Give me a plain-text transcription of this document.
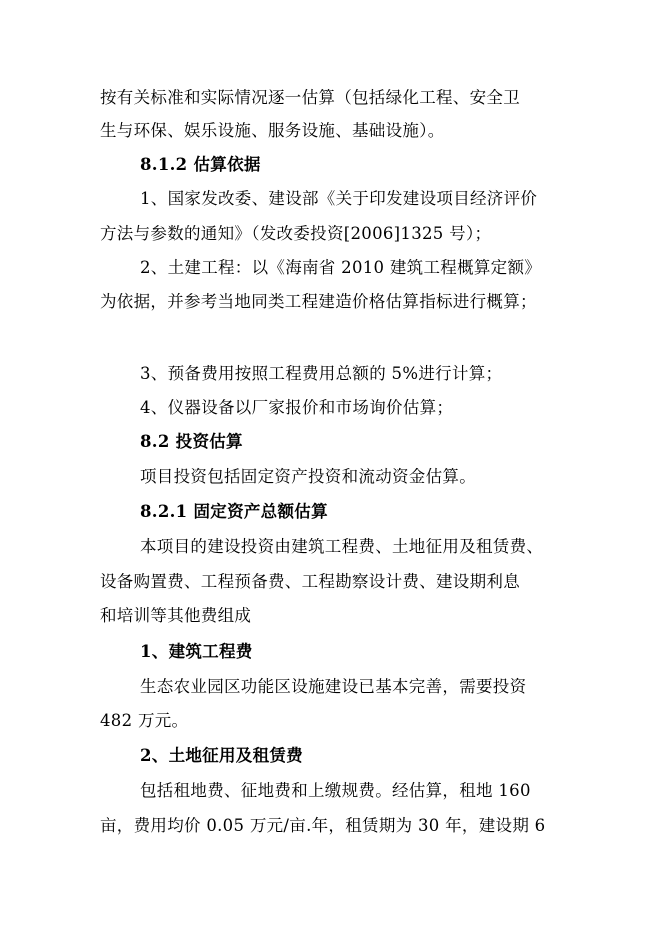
按有关标准和实际情况逐一估算（包括绿化工程、安全卫
生与环保、娱乐设施、服务设施、基础设施）。
8.1.2 估算依据
1、国家发改委、建设部《关于印发建设项目经济评价
方法与参数的通知》（发改委投资[2006]1325 号）；
2、土建工程：以《海南省 2010 建筑工程概算定额》
为依据，并参考当地同类工程建造价格估算指标进行概算；
3、预备费用按照工程费用总额的 5%进行计算；
4、仪器设备以厂家报价和市场询价估算；
8.2 投资估算
项目投资包括固定资产投资和流动资金估算。
8.2.1 固定资产总额估算
本项目的建设投资由建筑工程费、土地征用及租赁费、
设备购置费、工程预备费、工程勘察设计费、建设期利息
和培训等其他费组成
1、建筑工程费
生态农业园区功能区设施建设已基本完善，需要投资
482 万元。
2、土地征用及租赁费
包括租地费、征地费和上缴规费。经估算，租地 160
亩，费用均价 0.05 万元/亩.年，租赁期为 30 年，建设期 6
